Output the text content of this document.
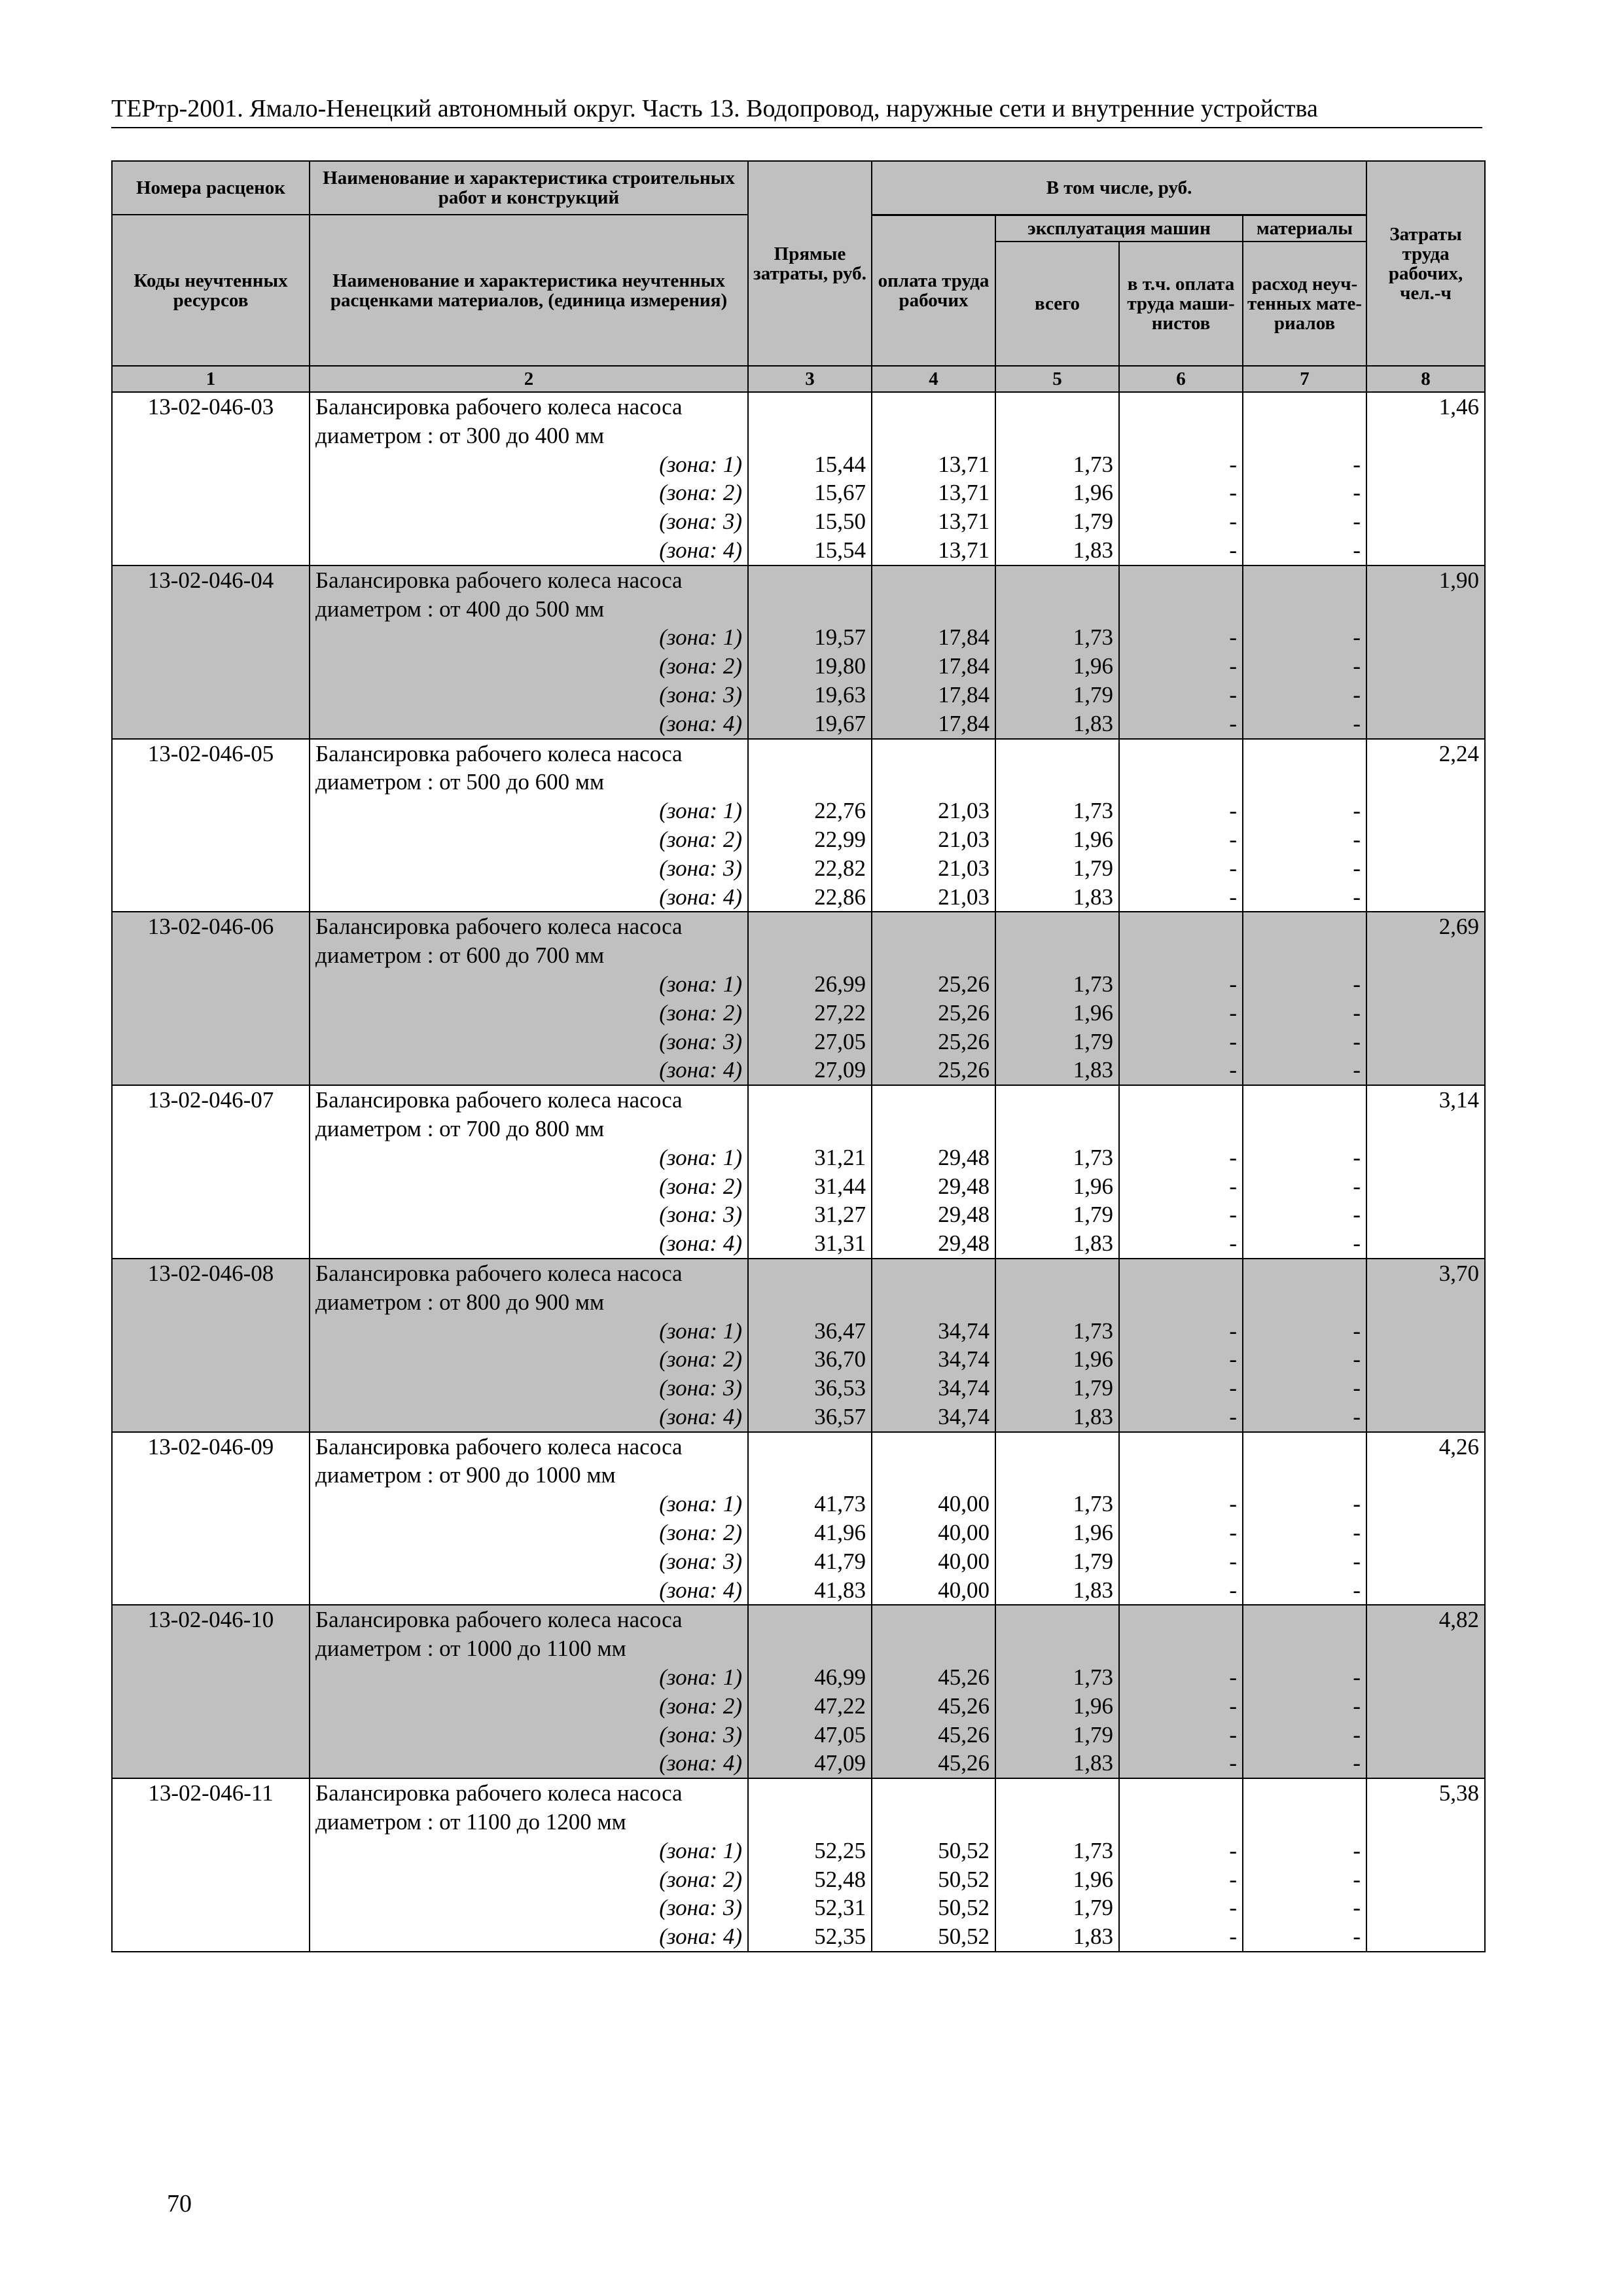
ТЕРтр-2001. Ямало-Ненецкий автономный округ. Часть 13. Водопровод, наружные сети и внутренние устройства
Номера расценок	Наименование и характеристика строительных работ и конструкций	Прямые затраты, руб.	В том числе, руб.				Затраты труда рабочих, чел.-ч
Коды неучтенных ресурсов	Наименование и характеристика неучтенных расценками материалов, (единица измерения)						
			оплата труда рабочих	эксплуатация машин		материалы	
				всего	в т.ч. оплата труда маши-нистов	расход неуч-тенных мате-риалов	
1	2	3	4	5	6	7	8
13-02-046-03	Балансировка рабочего колеса насоса						1,46
	диаметром : от 300 до 400 мм						
	(зона: 1)	15,44	13,71	1,73	-	-	
	(зона: 2)	15,67	13,71	1,96	-	-	
	(зона: 3)	15,50	13,71	1,79	-	-	
	(зона: 4)	15,54	13,71	1,83	-	-	
13-02-046-04	Балансировка рабочего колеса насоса						1,90
	диаметром : от 400 до 500 мм						
	(зона: 1)	19,57	17,84	1,73	-	-	
	(зона: 2)	19,80	17,84	1,96	-	-	
	(зона: 3)	19,63	17,84	1,79	-	-	
	(зона: 4)	19,67	17,84	1,83	-	-	
13-02-046-05	Балансировка рабочего колеса насоса						2,24
	диаметром : от 500 до 600 мм						
	(зона: 1)	22,76	21,03	1,73	-	-	
	(зона: 2)	22,99	21,03	1,96	-	-	
	(зона: 3)	22,82	21,03	1,79	-	-	
	(зона: 4)	22,86	21,03	1,83	-	-	
13-02-046-06	Балансировка рабочего колеса насоса						2,69
	диаметром : от 600 до 700 мм						
	(зона: 1)	26,99	25,26	1,73	-	-	
	(зона: 2)	27,22	25,26	1,96	-	-	
	(зона: 3)	27,05	25,26	1,79	-	-	
	(зона: 4)	27,09	25,26	1,83	-	-	
13-02-046-07	Балансировка рабочего колеса насоса						3,14
	диаметром : от 700 до 800 мм						
	(зона: 1)	31,21	29,48	1,73	-	-	
	(зона: 2)	31,44	29,48	1,96	-	-	
	(зона: 3)	31,27	29,48	1,79	-	-	
	(зона: 4)	31,31	29,48	1,83	-	-	
13-02-046-08	Балансировка рабочего колеса насоса						3,70
	диаметром : от 800 до 900 мм						
	(зона: 1)	36,47	34,74	1,73	-	-	
	(зона: 2)	36,70	34,74	1,96	-	-	
	(зона: 3)	36,53	34,74	1,79	-	-	
	(зона: 4)	36,57	34,74	1,83	-	-	
13-02-046-09	Балансировка рабочего колеса насоса						4,26
	диаметром : от 900 до 1000 мм						
	(зона: 1)	41,73	40,00	1,73	-	-	
	(зона: 2)	41,96	40,00	1,96	-	-	
	(зона: 3)	41,79	40,00	1,79	-	-	
	(зона: 4)	41,83	40,00	1,83	-	-	
13-02-046-10	Балансировка рабочего колеса насоса						4,82
	диаметром : от 1000 до 1100 мм						
	(зона: 1)	46,99	45,26	1,73	-	-	
	(зона: 2)	47,22	45,26	1,96	-	-	
	(зона: 3)	47,05	45,26	1,79	-	-	
	(зона: 4)	47,09	45,26	1,83	-	-	
13-02-046-11	Балансировка рабочего колеса насоса						5,38
	диаметром : от 1100 до 1200 мм						
	(зона: 1)	52,25	50,52	1,73	-	-	
	(зона: 2)	52,48	50,52	1,96	-	-	
	(зона: 3)	52,31	50,52	1,79	-	-	
	(зона: 4)	52,35	50,52	1,83	-	-	
70
